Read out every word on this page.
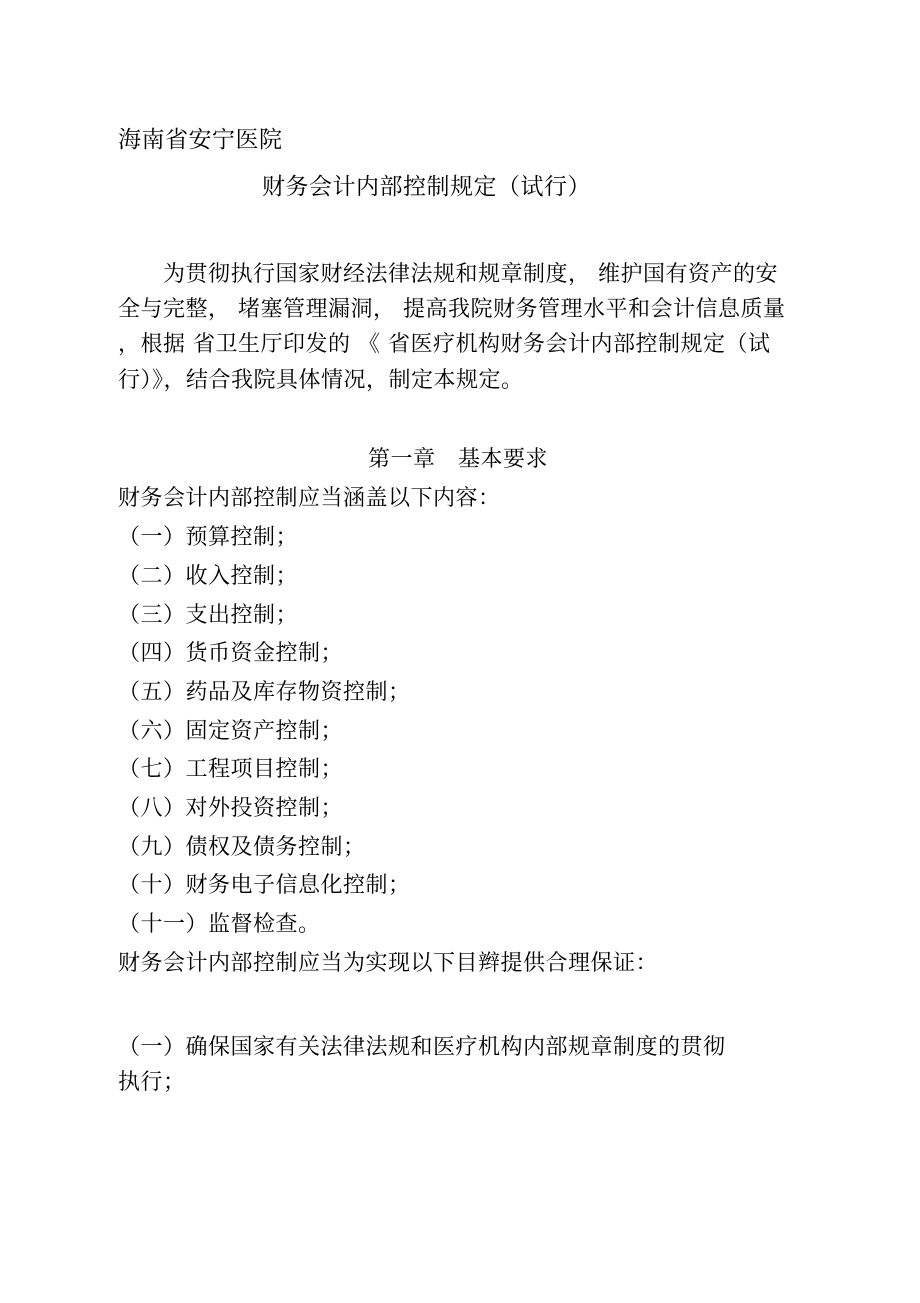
海南省安宁医院
财务会计内部控制规定（试行）
　　为贯彻执行国家财经法律法规和规章制度， 维护国有资产的安
全与完整， 堵塞管理漏洞， 提高我院财务管理水平和会计信息质量
，根据 省卫生厅印发的 《 省医疗机构财务会计内部控制规定（试
行）》，结合我院具体情况，制定本规定。
第一章　基本要求
财务会计内部控制应当涵盖以下内容：
（一）预算控制；
（二）收入控制；
（三）支出控制；
（四）货币资金控制；
（五）药品及库存物资控制；
（六）固定资产控制；
（七）工程项目控制；
（八）对外投资控制；
（九）债权及债务控制；
（十）财务电子信息化控制；
（十一）监督检查。
财务会计内部控制应当为实现以下目辫提供合理保证：
（一）确保国家有关法律法规和医疗机构内部规章制度的贯彻
执行；
